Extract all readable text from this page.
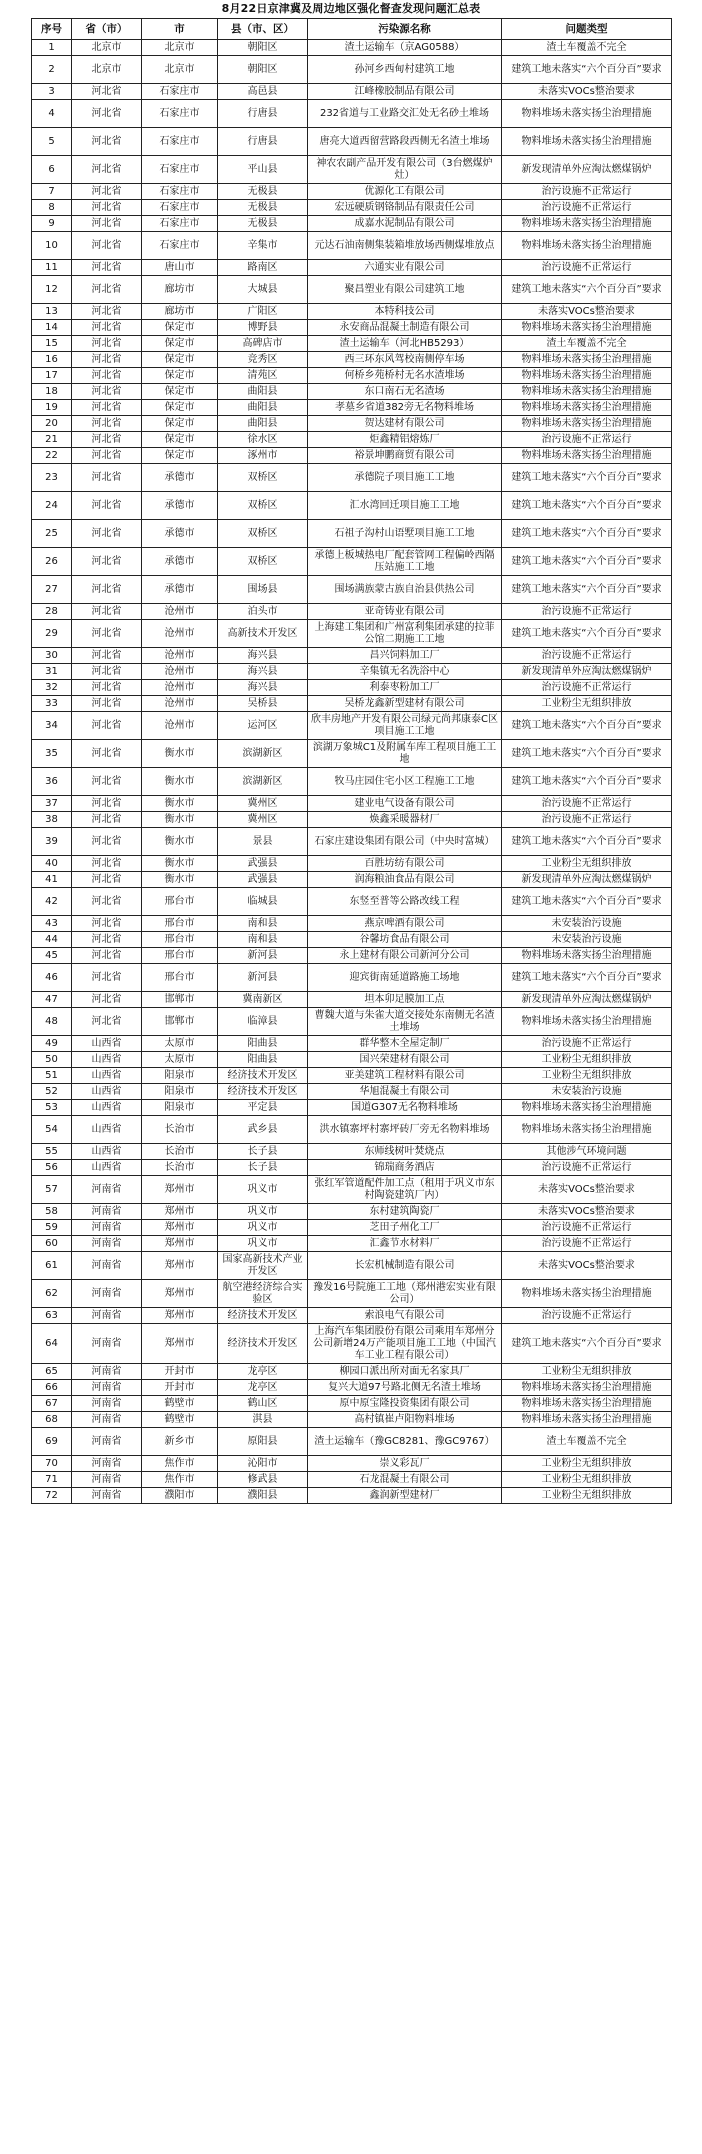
8月22日京津冀及周边地区强化督查发现问题汇总表
序号	省（市）	市	县（市、区）	污染源名称	问题类型
1	北京市	北京市	朝阳区	渣土运输车（京AG0588）	渣土车覆盖不完全
2	北京市	北京市	朝阳区	孙河乡西甸村建筑工地	建筑工地未落实“六个百分百”要求
3	河北省	石家庄市	高邑县	江峰橡胶制品有限公司	未落实VOCs整治要求
4	河北省	石家庄市	行唐县	232省道与工业路交汇处无名砂土堆场	物料堆场未落实扬尘治理措施
5	河北省	石家庄市	行唐县	唐亮大道西留营路段西侧无名渣土堆场	物料堆场未落实扬尘治理措施
6	河北省	石家庄市	平山县	神农农副产品开发有限公司（3台燃煤炉灶）	新发现清单外应淘汰燃煤锅炉
7	河北省	石家庄市	无极县	优源化工有限公司	治污设施不正常运行
8	河北省	石家庄市	无极县	宏远硬质钢铬制品有限责任公司	治污设施不正常运行
9	河北省	石家庄市	无极县	成嘉水泥制品有限公司	物料堆场未落实扬尘治理措施
10	河北省	石家庄市	辛集市	元达石油南侧集装箱堆放场西侧煤堆放点	物料堆场未落实扬尘治理措施
11	河北省	唐山市	路南区	六通实业有限公司	治污设施不正常运行
12	河北省	廊坊市	大城县	聚昌塑业有限公司建筑工地	建筑工地未落实“六个百分百”要求
13	河北省	廊坊市	广阳区	本特科技公司	未落实VOCs整治要求
14	河北省	保定市	博野县	永安商品混凝土制造有限公司	物料堆场未落实扬尘治理措施
15	河北省	保定市	高碑店市	渣土运输车（河北HB5293）	渣土车覆盖不完全
16	河北省	保定市	竞秀区	西三环东风驾校南侧停车场	物料堆场未落实扬尘治理措施
17	河北省	保定市	清苑区	何桥乡苑桥村无名水渣堆场	物料堆场未落实扬尘治理措施
18	河北省	保定市	曲阳县	东口南石无名渣场	物料堆场未落实扬尘治理措施
19	河北省	保定市	曲阳县	孝墓乡省道382旁无名物料堆场	物料堆场未落实扬尘治理措施
20	河北省	保定市	曲阳县	贺达建材有限公司	物料堆场未落实扬尘治理措施
21	河北省	保定市	徐水区	炬鑫精铝熔炼厂	治污设施不正常运行
22	河北省	保定市	涿州市	裕景坤鹏商贸有限公司	物料堆场未落实扬尘治理措施
23	河北省	承德市	双桥区	承德院子项目施工工地	建筑工地未落实“六个百分百”要求
24	河北省	承德市	双桥区	汇水湾回迁项目施工工地	建筑工地未落实“六个百分百”要求
25	河北省	承德市	双桥区	石祖子沟村山语墅项目施工工地	建筑工地未落实“六个百分百”要求
26	河北省	承德市	双桥区	承德上板城热电厂配套管网工程偏岭西隔压站施工工地	建筑工地未落实“六个百分百”要求
27	河北省	承德市	围场县	围场满族蒙古族自治县供热公司	建筑工地未落实“六个百分百”要求
28	河北省	沧州市	泊头市	亚奇铸业有限公司	治污设施不正常运行
29	河北省	沧州市	高新技术开发区	上海建工集团和广州富利集团承建的拉菲公馆二期施工工地	建筑工地未落实“六个百分百”要求
30	河北省	沧州市	海兴县	昌兴饲料加工厂	治污设施不正常运行
31	河北省	沧州市	海兴县	辛集镇无名洗浴中心	新发现清单外应淘汰燃煤锅炉
32	河北省	沧州市	海兴县	利泰枣粉加工厂	治污设施不正常运行
33	河北省	沧州市	吴桥县	吴桥龙鑫新型建材有限公司	工业粉尘无组织排放
34	河北省	沧州市	运河区	欣丰房地产开发有限公司绿元尚邦康泰C区项目施工工地	建筑工地未落实“六个百分百”要求
35	河北省	衡水市	滨湖新区	滨湖万象城C1及附属车库工程项目施工工地	建筑工地未落实“六个百分百”要求
36	河北省	衡水市	滨湖新区	牧马庄园住宅小区工程施工工地	建筑工地未落实“六个百分百”要求
37	河北省	衡水市	冀州区	建业电气设备有限公司	治污设施不正常运行
38	河北省	衡水市	冀州区	焕鑫采暖器材厂	治污设施不正常运行
39	河北省	衡水市	景县	石家庄建设集团有限公司（中央时富城）	建筑工地未落实“六个百分百”要求
40	河北省	衡水市	武强县	百胜坊纺有限公司	工业粉尘无组织排放
41	河北省	衡水市	武强县	润海粮油食品有限公司	新发现清单外应淘汰燃煤锅炉
42	河北省	邢台市	临城县	东竖至普等公路改线工程	建筑工地未落实“六个百分百”要求
43	河北省	邢台市	南和县	燕京啤酒有限公司	未安装治污设施
44	河北省	邢台市	南和县	谷馨坊食品有限公司	未安装治污设施
45	河北省	邢台市	新河县	永上建材有限公司新河分公司	物料堆场未落实扬尘治理措施
46	河北省	邢台市	新河县	迎宾街南延道路施工场地	建筑工地未落实“六个百分百”要求
47	河北省	邯郸市	冀南新区	坦本卯足膜加工点	新发现清单外应淘汰燃煤锅炉
48	河北省	邯郸市	临漳县	曹魏大道与朱雀大道交接处东南侧无名渣土堆场	物料堆场未落实扬尘治理措施
49	山西省	太原市	阳曲县	群华整木全屋定制厂	治污设施不正常运行
50	山西省	太原市	阳曲县	国兴荣建材有限公司	工业粉尘无组织排放
51	山西省	阳泉市	经济技术开发区	亚美建筑工程材料有限公司	工业粉尘无组织排放
52	山西省	阳泉市	经济技术开发区	华旭混凝土有限公司	未安装治污设施
53	山西省	阳泉市	平定县	国道G307无名物料堆场	物料堆场未落实扬尘治理措施
54	山西省	长治市	武乡县	洪水镇寨坪村寨坪砖厂旁无名物料堆场	物料堆场未落实扬尘治理措施
55	山西省	长治市	长子县	东师线树叶焚烧点	其他涉气环境问题
56	山西省	长治市	长子县	锦瑞商务酒店	治污设施不正常运行
57	河南省	郑州市	巩义市	张红军管道配件加工点（租用于巩义市东村陶瓷建筑厂内）	未落实VOCs整治要求
58	河南省	郑州市	巩义市	东村建筑陶瓷厂	未落实VOCs整治要求
59	河南省	郑州市	巩义市	芝田子州化工厂	治污设施不正常运行
60	河南省	郑州市	巩义市	汇鑫节水材料厂	治污设施不正常运行
61	河南省	郑州市	国家高新技术产业开发区	长宏机械制造有限公司	未落实VOCs整治要求
62	河南省	郑州市	航空港经济综合实验区	豫发16号院施工工地（郑州港宏实业有限公司）	物料堆场未落实扬尘治理措施
63	河南省	郑州市	经济技术开发区	索浪电气有限公司	治污设施不正常运行
64	河南省	郑州市	经济技术开发区	上海汽车集团股份有限公司乘用车郑州分公司新增24万产能项目施工工地（中国汽车工业工程有限公司）	建筑工地未落实“六个百分百”要求
65	河南省	开封市	龙亭区	柳园口派出所对面无名家具厂	工业粉尘无组织排放
66	河南省	开封市	龙亭区	复兴大道97号路北侧无名渣土堆场	物料堆场未落实扬尘治理措施
67	河南省	鹤壁市	鹤山区	原中原宝隆投资集团有限公司	物料堆场未落实扬尘治理措施
68	河南省	鹤壁市	淇县	高村镇崔卢阳物料堆场	物料堆场未落实扬尘治理措施
69	河南省	新乡市	原阳县	渣土运输车（豫GC8281、豫GC9767）	渣土车覆盖不完全
70	河南省	焦作市	沁阳市	崇义彩瓦厂	工业粉尘无组织排放
71	河南省	焦作市	修武县	石龙混凝土有限公司	工业粉尘无组织排放
72	河南省	濮阳市	濮阳县	鑫润新型建材厂	工业粉尘无组织排放
